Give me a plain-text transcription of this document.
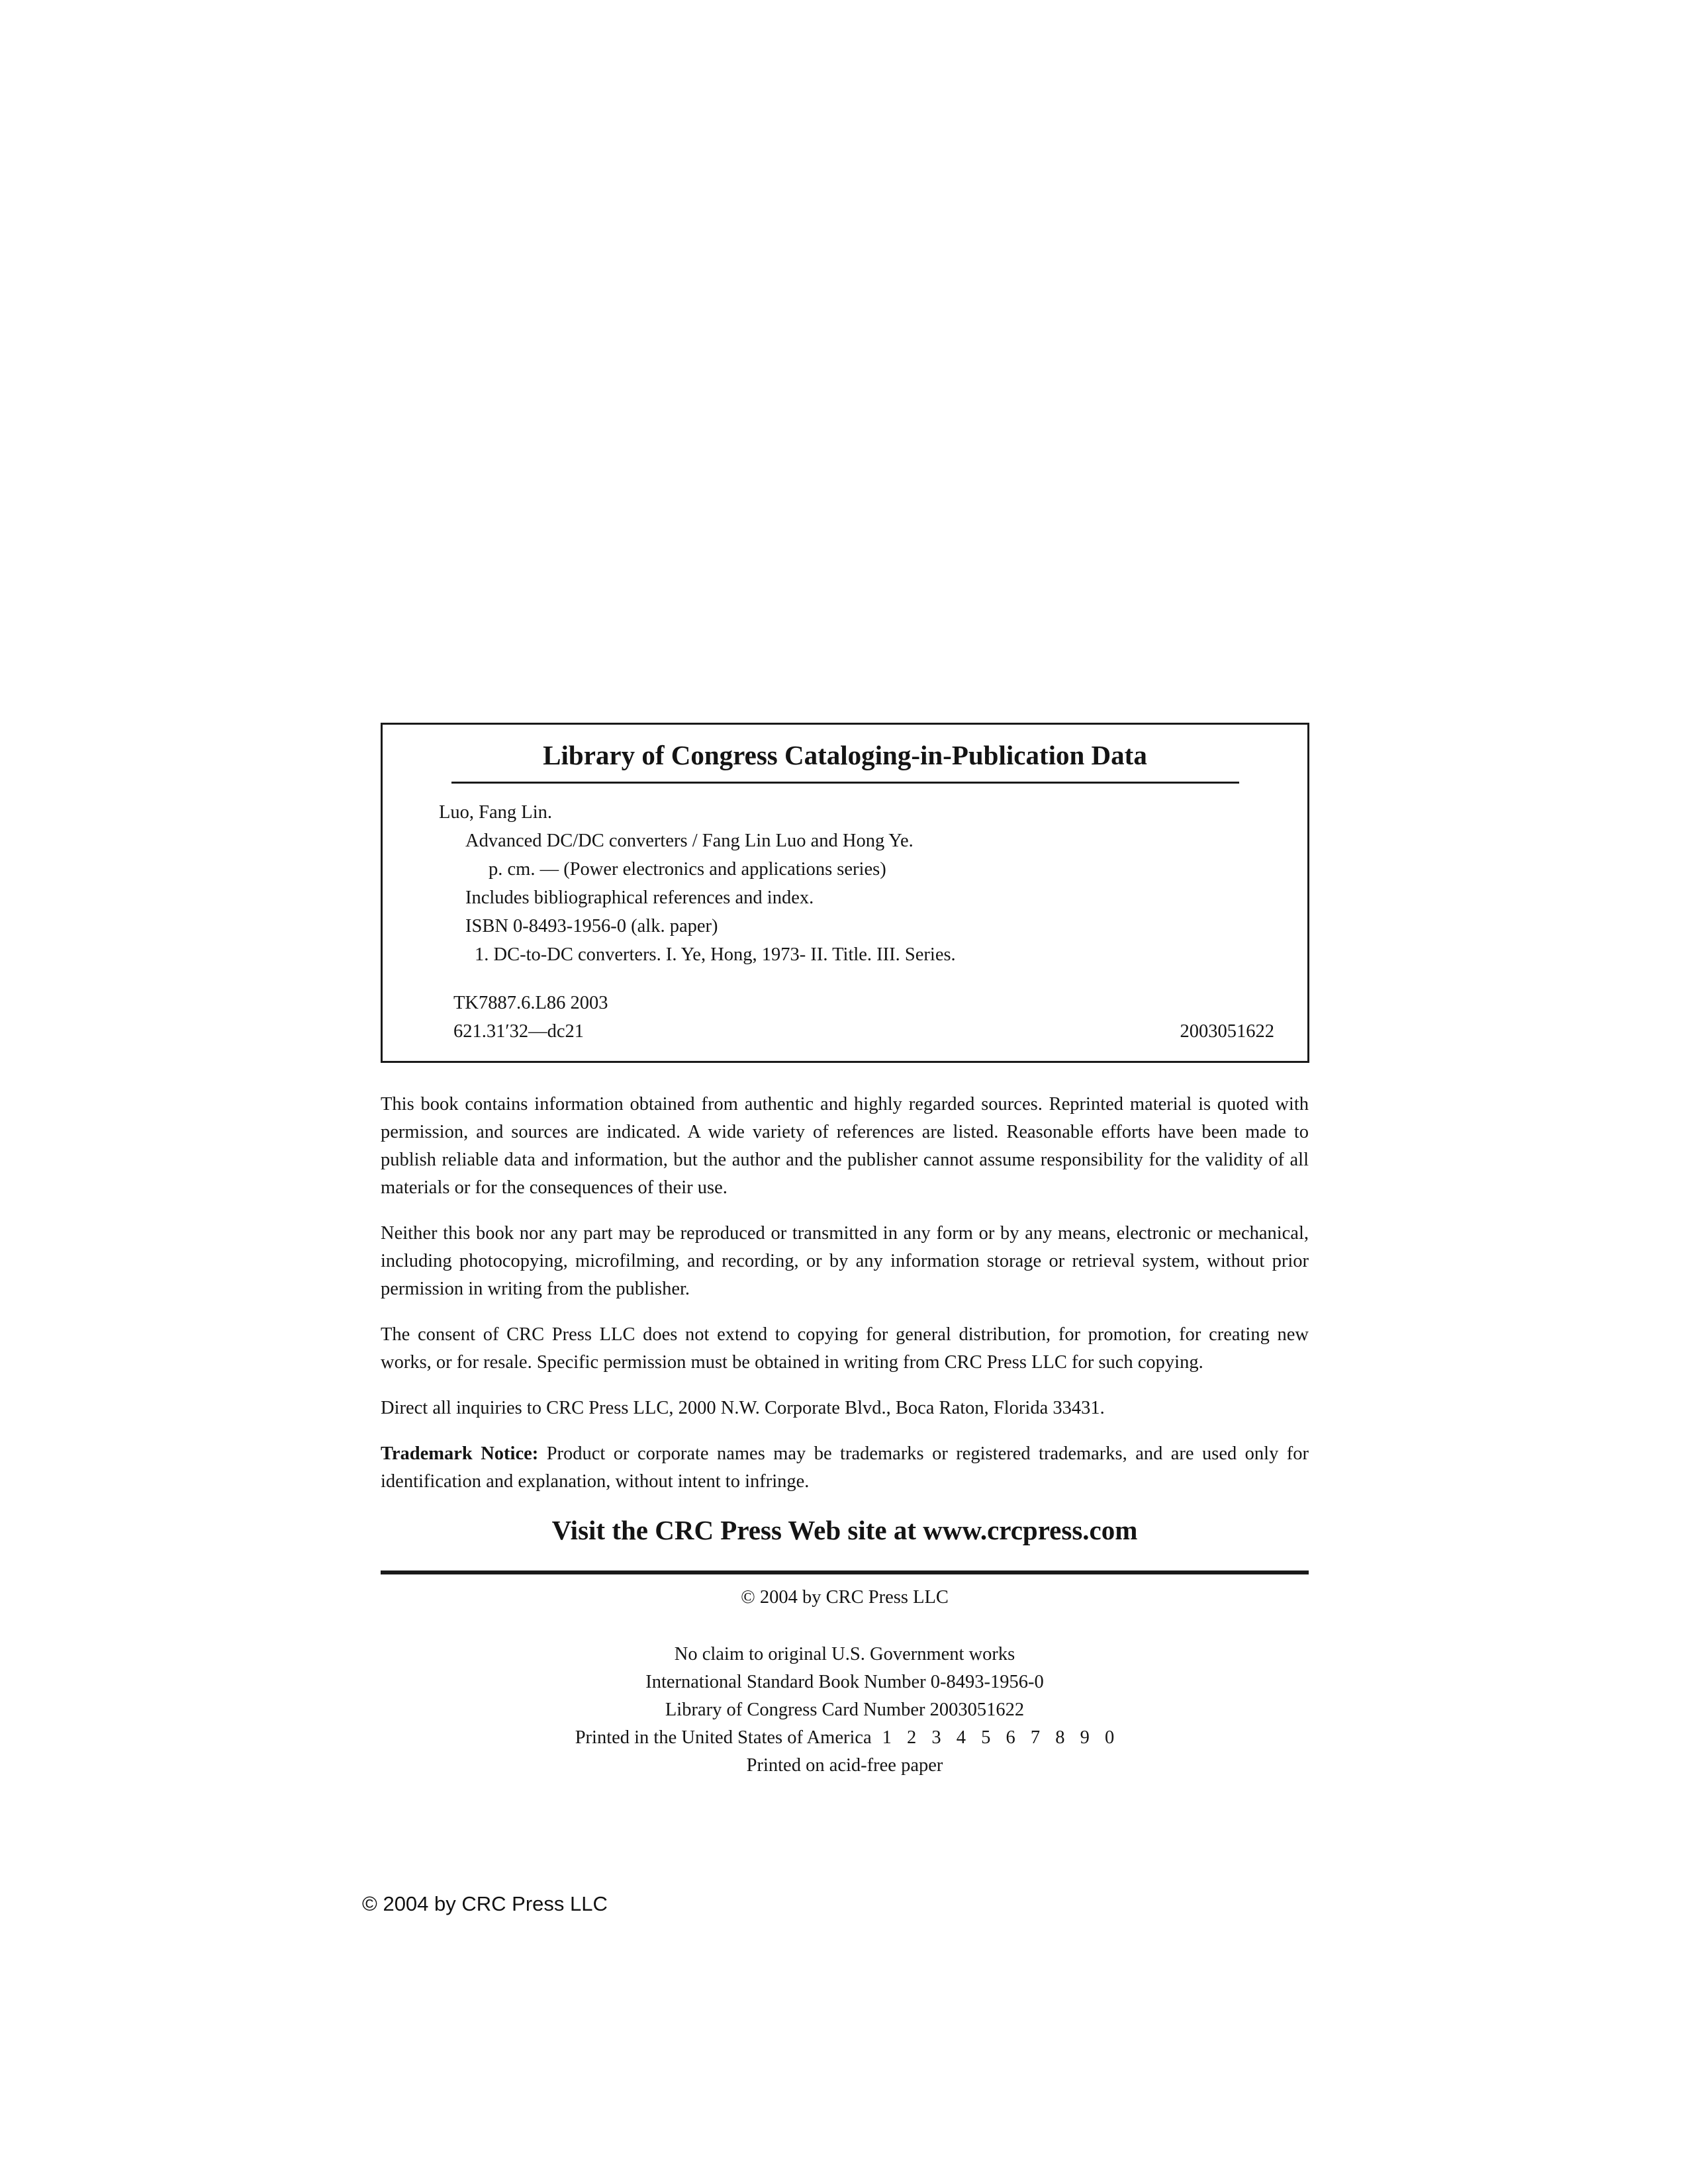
Library of Congress Cataloging-in-Publication Data
Luo, Fang Lin.
Advanced DC/DC converters / Fang Lin Luo and Hong Ye.
p. cm. — (Power electronics and applications series)
Includes bibliographical references and index.
ISBN 0-8493-1956-0 (alk. paper)
1. DC-to-DC converters. I. Ye, Hong, 1973- II. Title. III. Series.
TK7887.6.L86 2003
621.31′32—dc21	2003051622

This book contains information obtained from authentic and highly regarded sources. Reprinted material is quoted with permission, and sources are indicated. A wide variety of references are listed. Reasonable efforts have been made to publish reliable data and information, but the author and the publisher cannot assume responsibility for the validity of all materials or for the consequences of their use.

Neither this book nor any part may be reproduced or transmitted in any form or by any means, electronic or mechanical, including photocopying, microfilming, and recording, or by any information storage or retrieval system, without prior permission in writing from the publisher.

The consent of CRC Press LLC does not extend to copying for general distribution, for promotion, for creating new works, or for resale. Specific permission must be obtained in writing from CRC Press LLC for such copying.

Direct all inquiries to CRC Press LLC, 2000 N.W. Corporate Blvd., Boca Raton, Florida 33431.

Trademark Notice: Product or corporate names may be trademarks or registered trademarks, and are used only for identification and explanation, without intent to infringe.

Visit the CRC Press Web site at www.crcpress.com
© 2004 by CRC Press LLC
No claim to original U.S. Government works
International Standard Book Number 0-8493-1956-0
Library of Congress Card Number 2003051622
Printed in the United States of America 1 2 3 4 5 6 7 8 9 0
Printed on acid-free paper
© 2004 by CRC Press LLC
